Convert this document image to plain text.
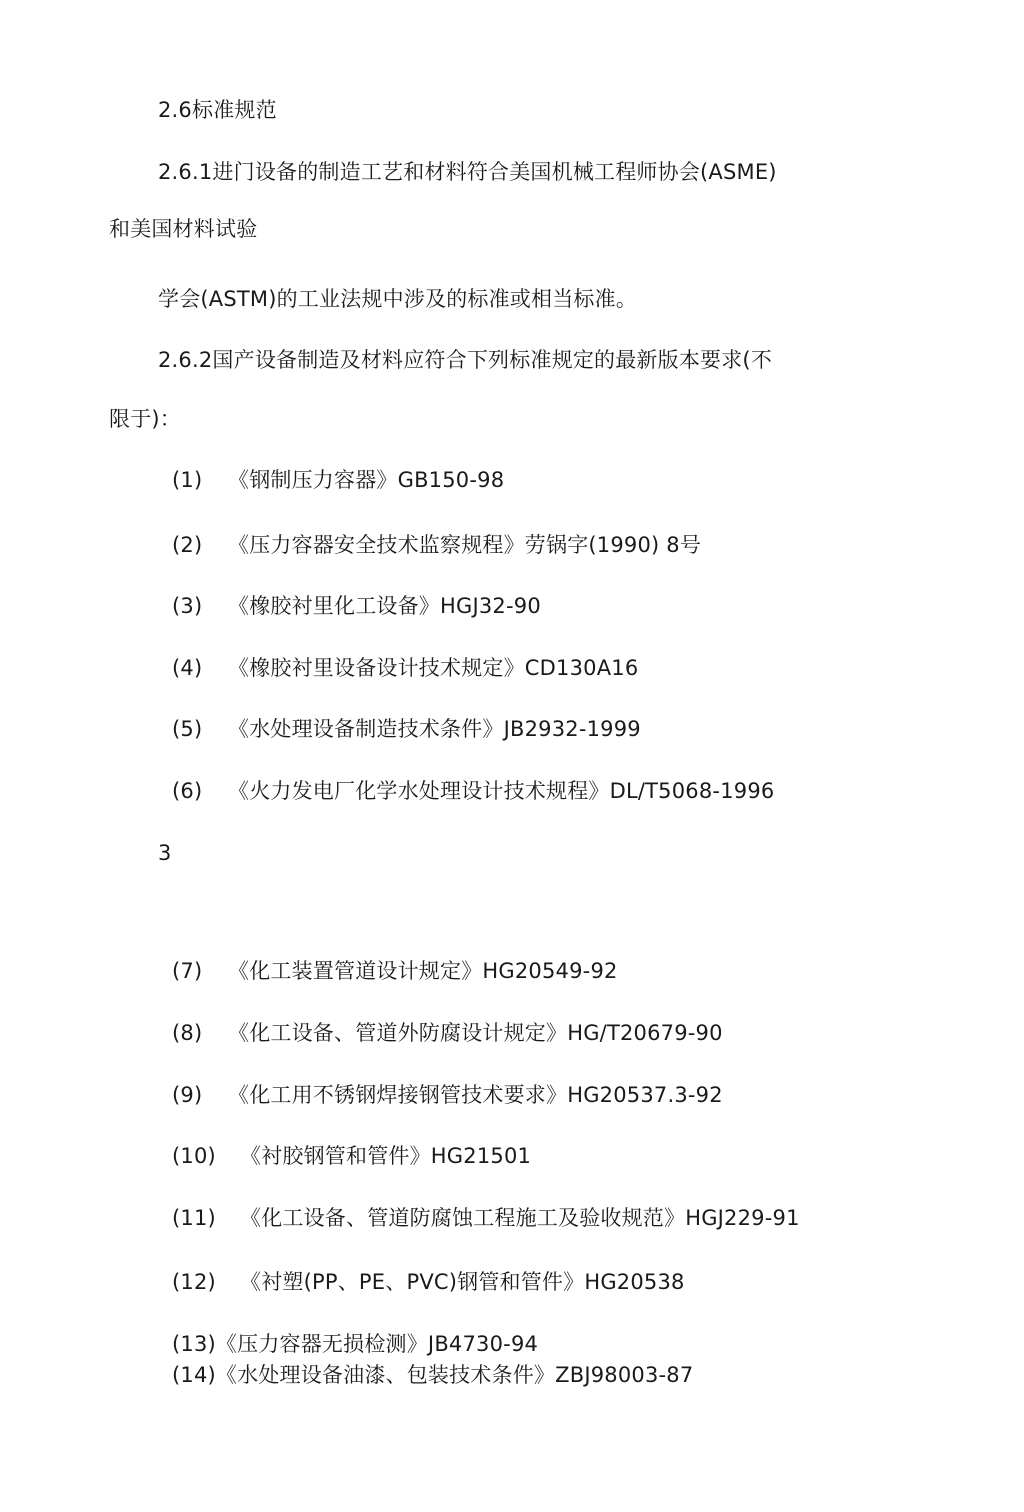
2.6标准规范
2.6.1进门设备的制造工艺和材料符合美国机械工程师协会(ASME)
和美国材料试验
学会(ASTM)的工业法规中涉及的标准或相当标准。
2.6.2国产设备制造及材料应符合下列标准规定的最新版本要求(不
限于)：
(1) 《钢制压力容器》GB150-98
(2) 《压力容器安全技术监察规程》劳锅字(1990) 8号
(3) 《橡胶衬里化工设备》HGJ32-90
(4) 《橡胶衬里设备设计技术规定》CD130A16
(5) 《水处理设备制造技术条件》JB2932-1999
(6) 《火力发电厂化学水处理设计技术规程》DL/T5068-1996
3
(7) 《化工装置管道设计规定》HG20549-92
(8) 《化工设备、管道外防腐设计规定》HG/T20679-90
(9) 《化工用不锈钢焊接钢管技术要求》HG20537.3-92
(10) 《衬胶钢管和管件》HG21501
(11) 《化工设备、管道防腐蚀工程施工及验收规范》HGJ229-91
(12) 《衬塑(PP、PE、PVC)钢管和管件》HG20538
(13)《压力容器无损检测》JB4730-94
(14)《水处理设备油漆、包装技术条件》ZBJ98003-87
